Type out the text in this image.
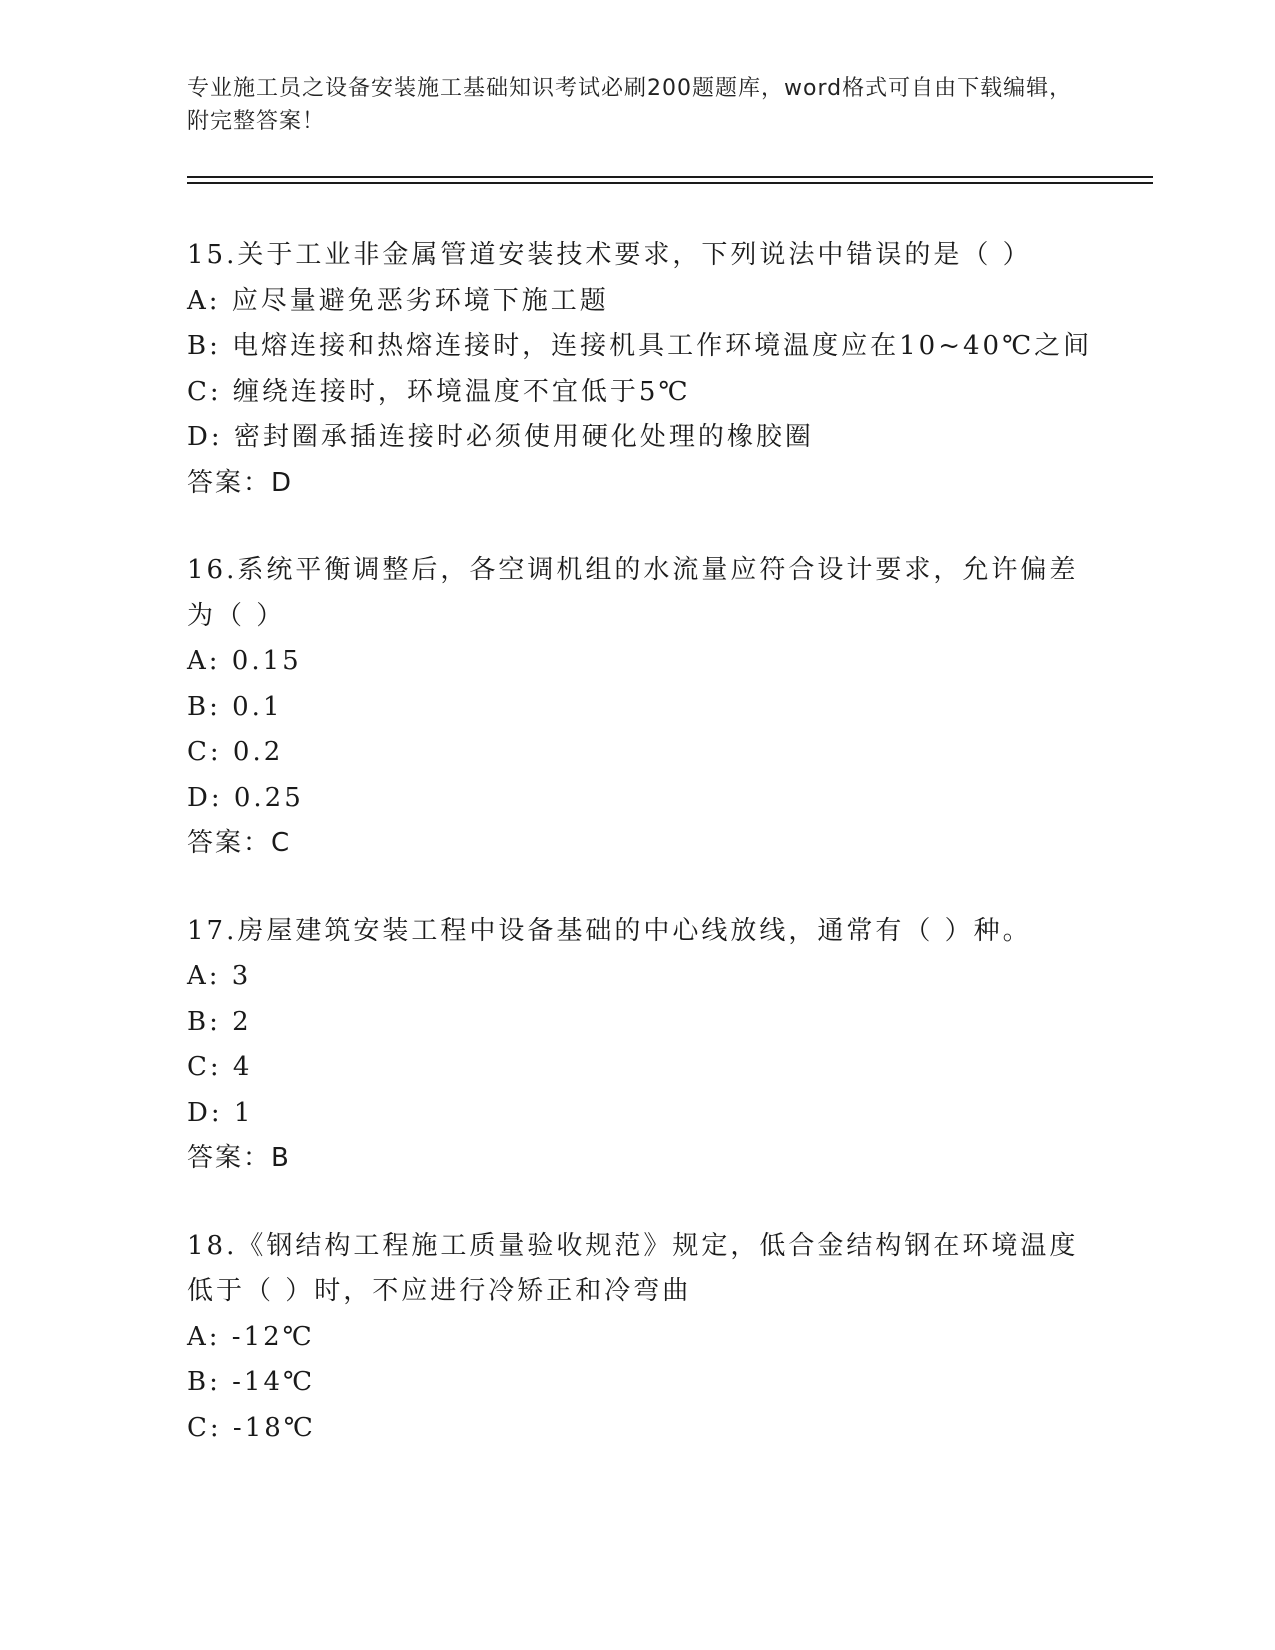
专业施工员之设备安装施工基础知识考试必刷200题题库，word格式可自由下载编辑，附完整答案！
15.关于工业非金属管道安装技术要求，下列说法中错误的是（ ）
A: 应尽量避免恶劣环境下施工题
B: 电熔连接和热熔连接时，连接机具工作环境温度应在10~40℃之间
C: 缠绕连接时，环境温度不宜低于5℃
D: 密封圈承插连接时必须使用硬化处理的橡胶圈
答案：D
16.系统平衡调整后，各空调机组的水流量应符合设计要求，允许偏差为（ ）
A: 0.15
B: 0.1
C: 0.2
D: 0.25
答案：C
17.房屋建筑安装工程中设备基础的中心线放线，通常有（ ）种。
A: 3
B: 2
C: 4
D: 1
答案：B
18.《钢结构工程施工质量验收规范》规定，低合金结构钢在环境温度低于（ ）时，不应进行冷矫正和冷弯曲
A: -12℃
B: -14℃
C: -18℃
